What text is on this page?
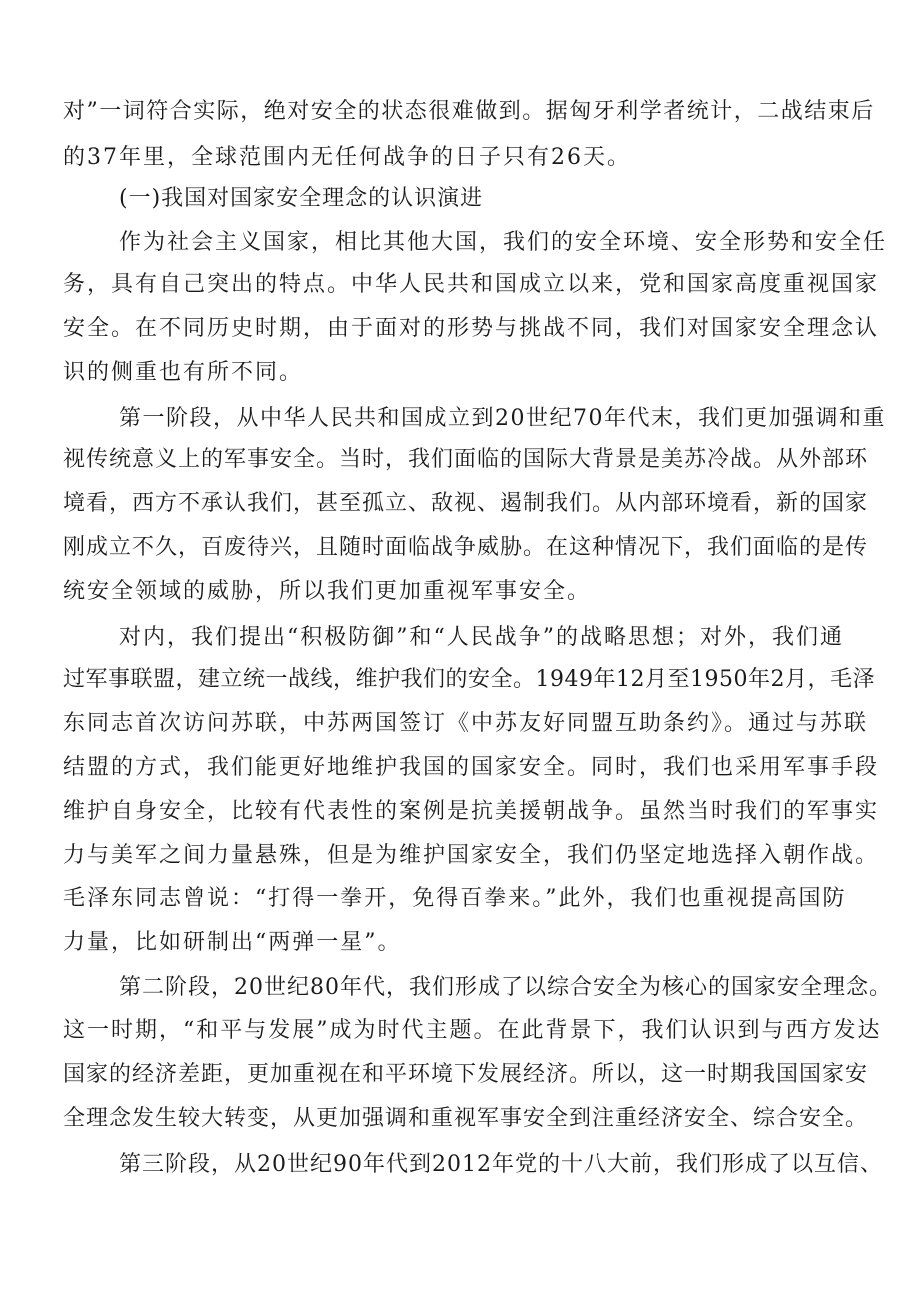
对”一词符合实际，绝对安全的状态很难做到。据匈牙利学者统计，二战结束后
的37年里，全球范围内无任何战争的日子只有26天。
(一)我国对国家安全理念的认识演进
作为社会主义国家，相比其他大国，我们的安全环境、安全形势和安全任
务，具有自己突出的特点。中华人民共和国成立以来，党和国家高度重视国家
安全。在不同历史时期，由于面对的形势与挑战不同，我们对国家安全理念认
识的侧重也有所不同。
第一阶段，从中华人民共和国成立到20世纪70年代末，我们更加强调和重
视传统意义上的军事安全。当时，我们面临的国际大背景是美苏冷战。从外部环
境看，西方不承认我们，甚至孤立、敌视、遏制我们。从内部环境看，新的国家
刚成立不久，百废待兴，且随时面临战争威胁。在这种情况下，我们面临的是传
统安全领域的威胁，所以我们更加重视军事安全。
对内，我们提出“积极防御”和“人民战争”的战略思想；对外，我们通
过军事联盟，建立统一战线，维护我们的安全。1949年12月至1950年2月，毛泽
东同志首次访问苏联，中苏两国签订《中苏友好同盟互助条约》。通过与苏联
结盟的方式，我们能更好地维护我国的国家安全。同时，我们也采用军事手段
维护自身安全，比较有代表性的案例是抗美援朝战争。虽然当时我们的军事实
力与美军之间力量悬殊，但是为维护国家安全，我们仍坚定地选择入朝作战。
毛泽东同志曾说：“打得一拳开，免得百拳来。”此外，我们也重视提高国防
力量，比如研制出“两弹一星”。
第二阶段，20世纪80年代，我们形成了以综合安全为核心的国家安全理念。
这一时期，“和平与发展”成为时代主题。在此背景下，我们认识到与西方发达
国家的经济差距，更加重视在和平环境下发展经济。所以，这一时期我国国家安
全理念发生较大转变，从更加强调和重视军事安全到注重经济安全、综合安全。
第三阶段，从20世纪90年代到2012年党的十八大前，我们形成了以互信、
